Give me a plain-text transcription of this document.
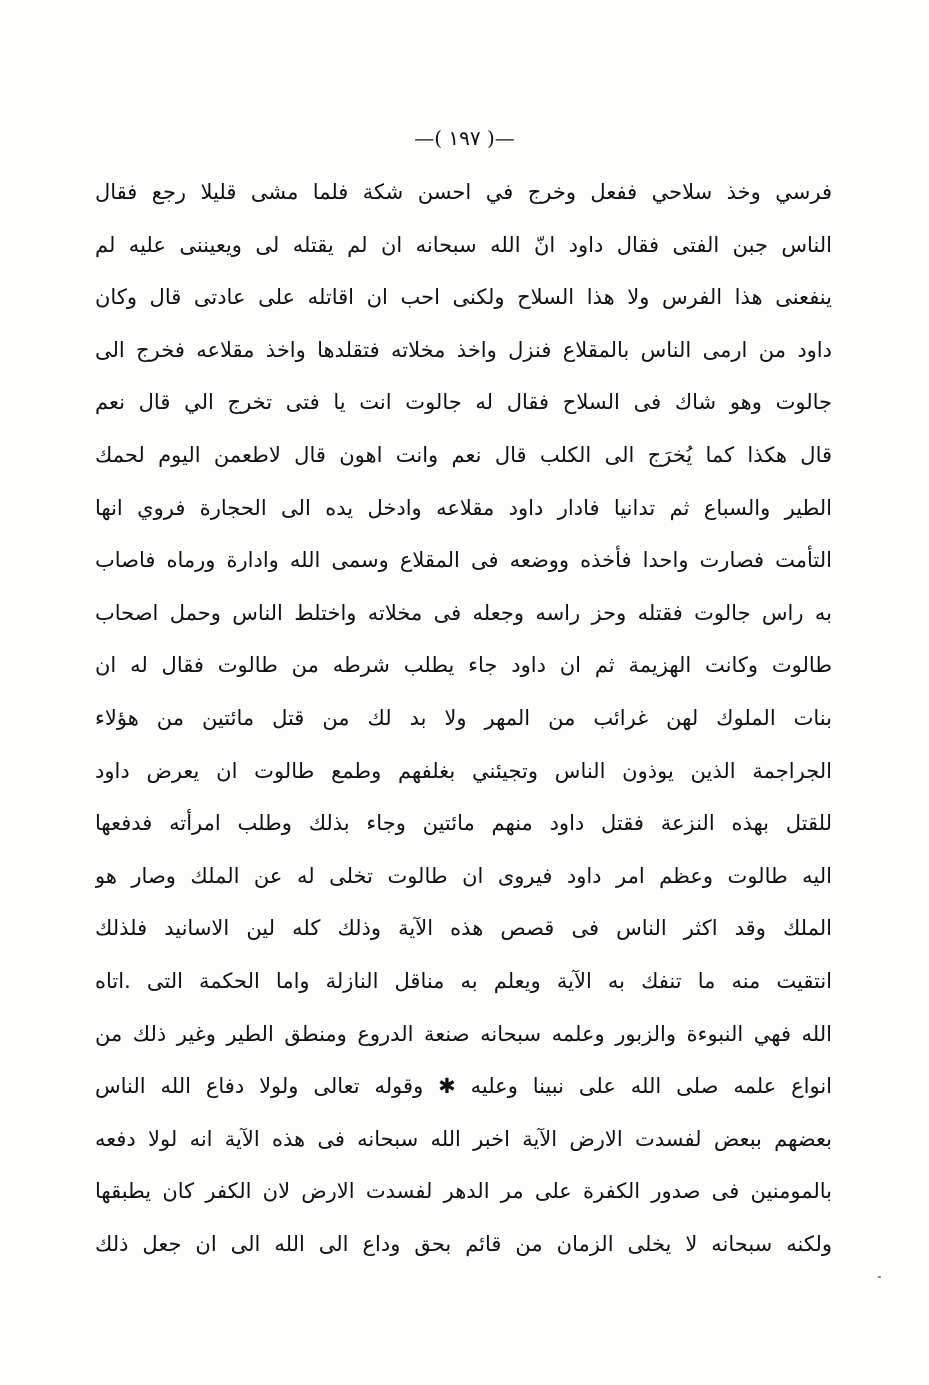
—( ١٩٧ )—
فرسي وخذ سلاحي ففعل وخرج في احسن شكة فلما مشى قليلا رجع فقال
الناس جبن الفتى فقال داود انّ الله سبحانه ان لم يقتله لى ويعيننى عليه لم
ينفعنى هذا الفرس ولا هذا السلاح ولكنى احب ان اقاتله على عادتى قال وكان
داود من ارمى الناس بالمقلاع فنزل واخذ مخلاته فتقلدها واخذ مقلاعه فخرج الى
جالوت وهو شاك فى السلاح فقال له جالوت انت يا فتى تخرج الي قال نعم
قال هكذا كما يُخرَج الى الكلب قال نعم وانت اهون قال لاطعمن اليوم لحمك
الطير والسباع ثم تدانيا فادار داود مقلاعه وادخل يده الى الحجارة فروي انها
التأمت فصارت واحدا فأخذه ووضعه فى المقلاع وسمى الله وادارة ورماه فاصاب
به راس جالوت فقتله وحز راسه وجعله فى مخلاته واختلط الناس وحمل اصحاب
طالوت وكانت الهزيمة ثم ان داود جاء يطلب شرطه من طالوت فقال له ان
بنات الملوك لهن غرائب من المهر ولا بد لك من قتل مائتين من هؤلاء
الجراجمة الذين يوذون الناس وتجيئني بغلفهم وطمع طالوت ان يعرض داود
للقتل بهذه النزعة فقتل داود منهم مائتين وجاء بذلك وطلب امرأته فدفعها
اليه طالوت وعظم امر داود فيروى ان طالوت تخلى له عن الملك وصار هو
الملك وقد اكثر الناس فى قصص هذه الآية وذلك كله لين الاسانيد فلذلك
انتقيت منه ما تنفك به الآية ويعلم به مناقل النازلة واما الحكمة التى .اتاه
الله فهي النبوءة والزبور وعلمه سبحانه صنعة الدروع ومنطق الطير وغير ذلك من
انواع علمه صلى الله على نبينا وعليه ✱ وقوله تعالى ولولا دفاع الله الناس
بعضهم ببعض لفسدت الارض الآية اخبر الله سبحانه فى هذه الآية انه لولا دفعه
بالمومنين فى صدور الكفرة على مر الدهر لفسدت الارض لان الكفر كان يطبقها
ولكنه سبحانه لا يخلى الزمان من قائم بحق وداع الى الله الى ان جعل ذلك
